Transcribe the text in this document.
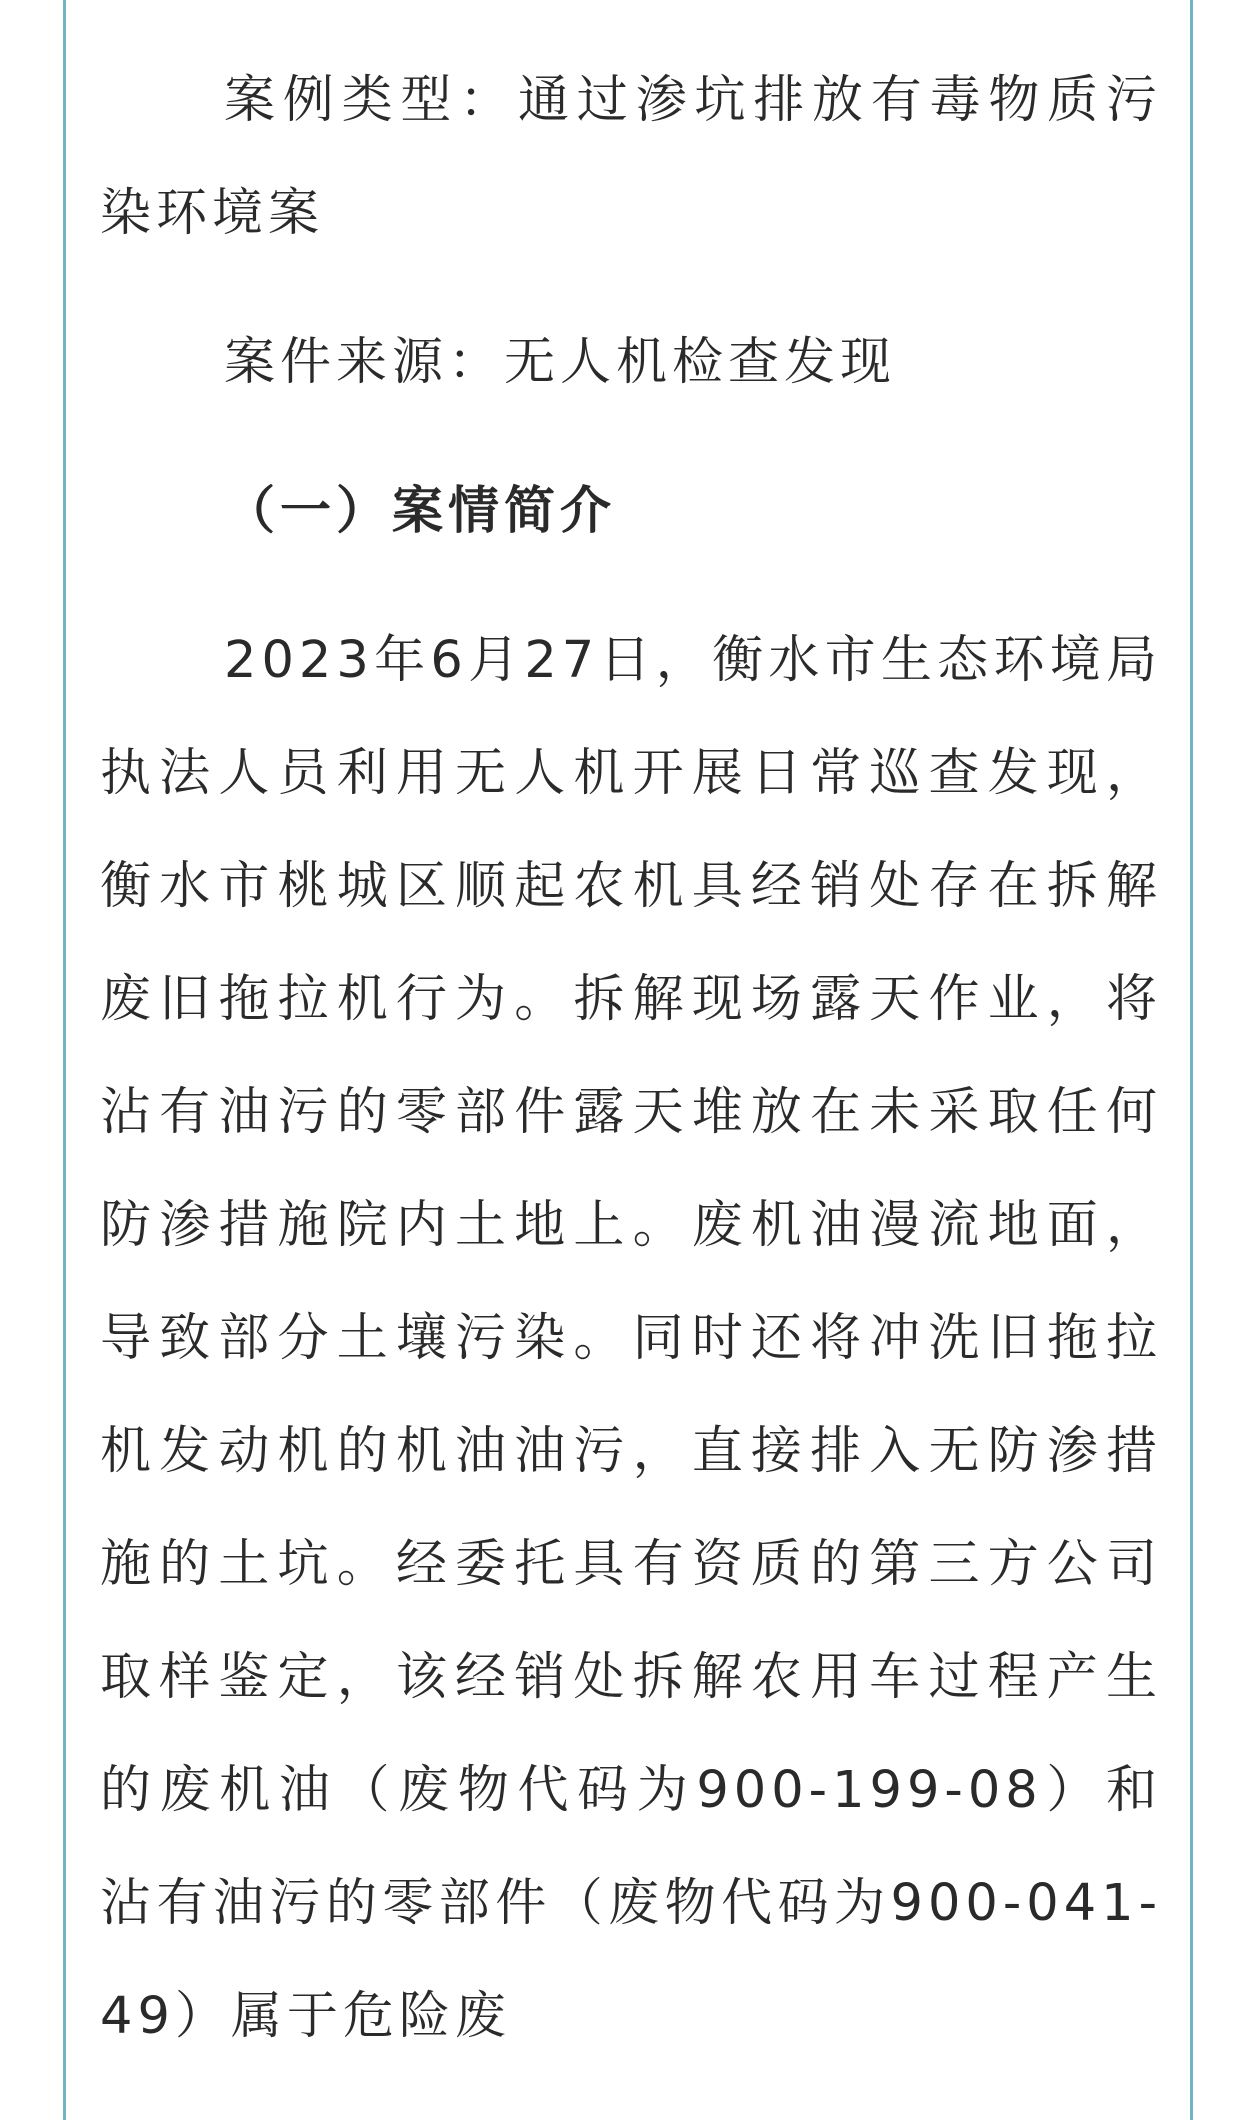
案例类型：通过渗坑排放有毒物质污染环境案

案件来源：无人机检查发现

（一）案情简介

2023年6月27日，衡水市生态环境局执法人员利用无人机开展日常巡查发现，衡水市桃城区顺起农机具经销处存在拆解废旧拖拉机行为。拆解现场露天作业，将沾有油污的零部件露天堆放在未采取任何防渗措施院内土地上。废机油漫流地面，导致部分土壤污染。同时还将冲洗旧拖拉机发动机的机油油污，直接排入无防渗措施的土坑。经委托具有资质的第三方公司取样鉴定，该经销处拆解农用车过程产生的废机油（废物代码为900-199-08）和沾有油污的零部件（废物代码为900-041-49）属于危险废
